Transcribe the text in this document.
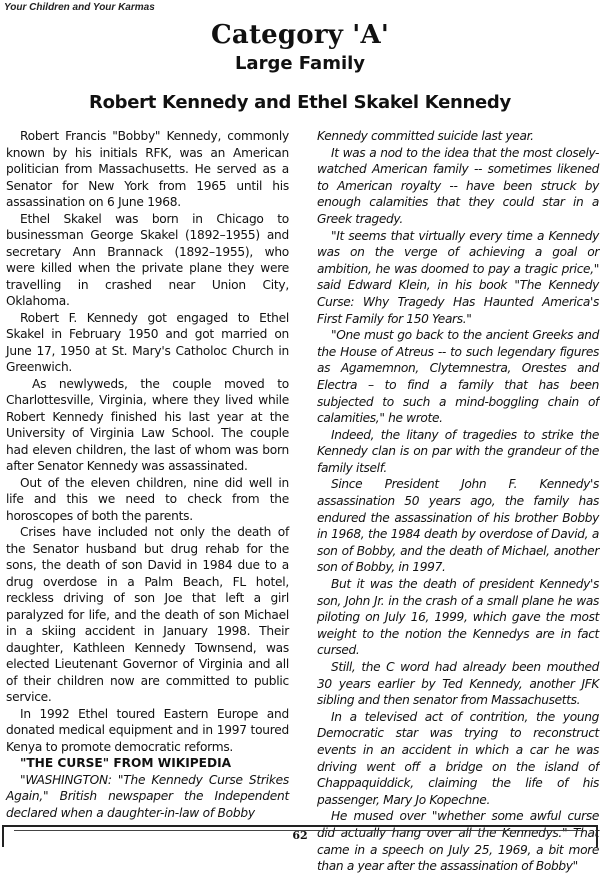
Your Children and Your Karmas
Category 'A'
Large Family
Robert Kennedy and Ethel Skakel Kennedy

Robert Francis "Bobby" Kennedy, commonly known by his initials RFK, was an American politician from Massachusetts. He served as a Senator for New York from 1965 until his assassination on 6 June 1968.

Ethel Skakel was born in Chicago to businessman George Skakel (1892–1955) and secretary Ann Brannack (1892–1955), who were killed when the private plane they were travelling in crashed near Union City, Oklahoma.

Robert F. Kennedy got engaged to Ethel Skakel in February 1950 and got married on June 17, 1950 at St. Mary's Catholoc Church in Greenwich.

As newlyweds, the couple moved to Charlottesville, Virginia, where they lived while Robert Kennedy finished his last year at the University of Virginia Law School. The couple had eleven children, the last of whom was born after Senator Kennedy was assassinated.

Out of the eleven children, nine did well in life and this we need to check from the horoscopes of both the parents.

Crises have included not only the death of the Senator husband but drug rehab for the sons, the death of son David in 1984 due to a drug overdose in a Palm Beach, FL hotel, reckless driving of son Joe that left a girl paralyzed for life, and the death of son Michael in a skiing accident in January 1998. Their daughter, Kathleen Kennedy Townsend, was elected Lieutenant Governor of Virginia and all of their children now are committed to public service.

In 1992 Ethel toured Eastern Europe and donated medical equipment and in 1997 toured Kenya to promote democratic reforms.

"THE CURSE" FROM WIKIPEDIA

"WASHINGTON: "The Kennedy Curse Strikes Again," British newspaper the Independent declared when a daughter-in-law of Bobby

Kennedy committed suicide last year.

It was a nod to the idea that the most closely-watched American family -- sometimes likened to American royalty -- have been struck by enough calamities that they could star in a Greek tragedy.

"It seems that virtually every time a Kennedy was on the verge of achieving a goal or ambition, he was doomed to pay a tragic price," said Edward Klein, in his book "The Kennedy Curse: Why Tragedy Has Haunted America's First Family for 150 Years."

"One must go back to the ancient Greeks and the House of Atreus -- to such legendary figures as Agamemnon, Clytemnestra, Orestes and Electra – to find a family that has been subjected to such a mind-boggling chain of calamities," he wrote.

Indeed, the litany of tragedies to strike the Kennedy clan is on par with the grandeur of the family itself.

Since President John F. Kennedy's assassination 50 years ago, the family has endured the assassination of his brother Bobby in 1968, the 1984 death by overdose of David, a son of Bobby, and the death of Michael, another son of Bobby, in 1997.

But it was the death of president Kennedy's son, John Jr. in the crash of a small plane he was piloting on July 16, 1999, which gave the most weight to the notion the Kennedys are in fact cursed.

Still, the C word had already been mouthed 30 years earlier by Ted Kennedy, another JFK sibling and then senator from Massachusetts.

In a televised act of contrition, the young Democratic star was trying to reconstruct events in an accident in which a car he was driving went off a bridge on the island of Chappaquiddick, claiming the life of his passenger, Mary Jo Kopechne.

He mused over "whether some awful curse did actually hang over all the Kennedys." That came in a speech on July 25, 1969, a bit more than a year after the assassination of Bobby"

62
